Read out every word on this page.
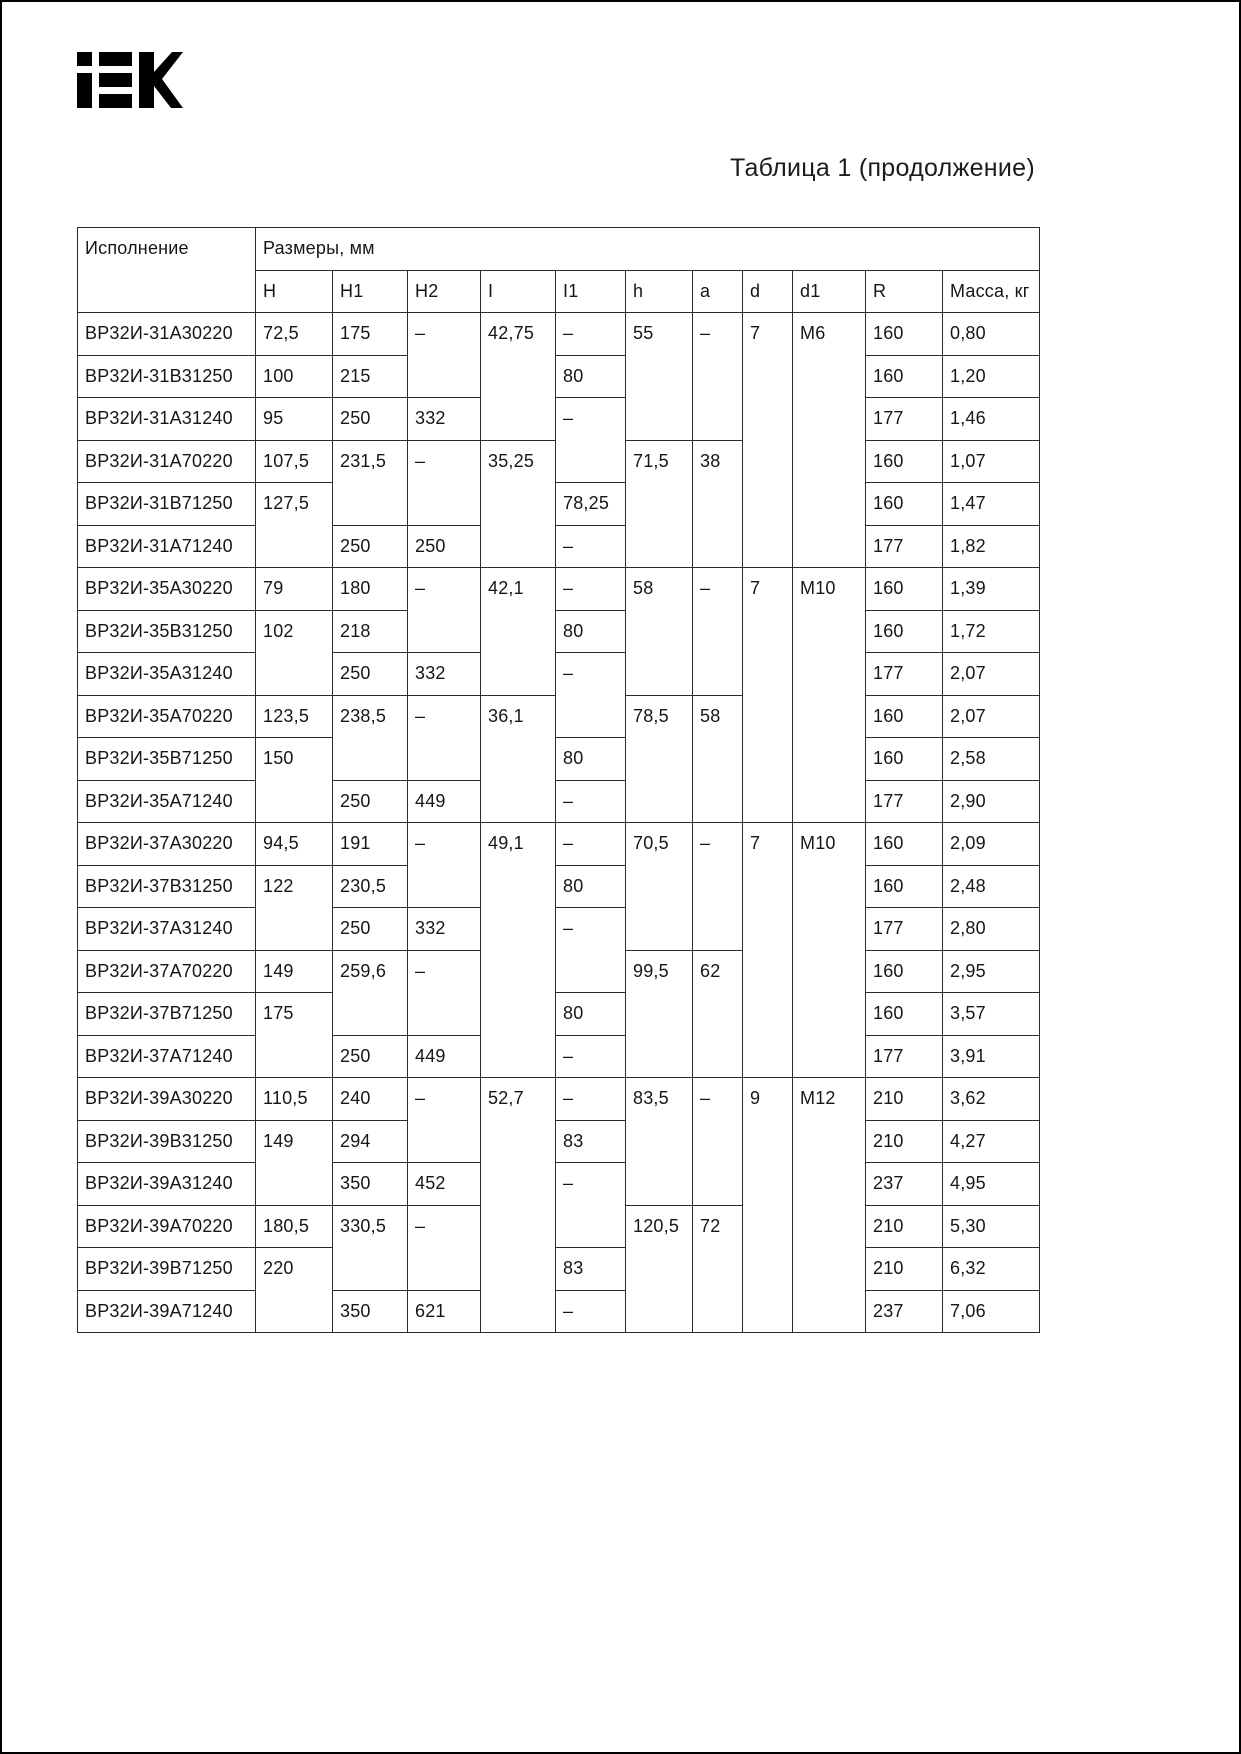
Таблица 1 (продолжение)
Исполнение	Размеры, мм										
	H	H1	H2	I	I1	h	a	d	d1	R	Масса, кг
ВР32И-31А30220	72,5	175	–	42,75	–	55	–	7	M6	160	0,80
ВР32И-31В31250	100	215			80					160	1,20
ВР32И-31А31240	95	250	332		–					177	1,46
ВР32И-31А70220	107,5	231,5	–	35,25		71,5	38			160	1,07
ВР32И-31В71250	127,5				78,25					160	1,47
ВР32И-31А71240		250	250		–					177	1,82
ВР32И-35А30220	79	180	–	42,1	–	58	–	7	M10	160	1,39
ВР32И-35В31250	102	218			80					160	1,72
ВР32И-35А31240		250	332		–					177	2,07
ВР32И-35А70220	123,5	238,5	–	36,1		78,5	58			160	2,07
ВР32И-35В71250	150				80					160	2,58
ВР32И-35А71240		250	449		–					177	2,90
ВР32И-37А30220	94,5	191	–	49,1	–	70,5	–	7	M10	160	2,09
ВР32И-37В31250	122	230,5			80					160	2,48
ВР32И-37А31240		250	332		–					177	2,80
ВР32И-37А70220	149	259,6	–			99,5	62			160	2,95
ВР32И-37В71250	175				80					160	3,57
ВР32И-37А71240		250	449		–					177	3,91
ВР32И-39А30220	110,5	240	–	52,7	–	83,5	–	9	M12	210	3,62
ВР32И-39В31250	149	294			83					210	4,27
ВР32И-39А31240		350	452		–					237	4,95
ВР32И-39А70220	180,5	330,5	–			120,5	72			210	5,30
ВР32И-39В71250	220				83					210	6,32
ВР32И-39А71240		350	621		–					237	7,06
